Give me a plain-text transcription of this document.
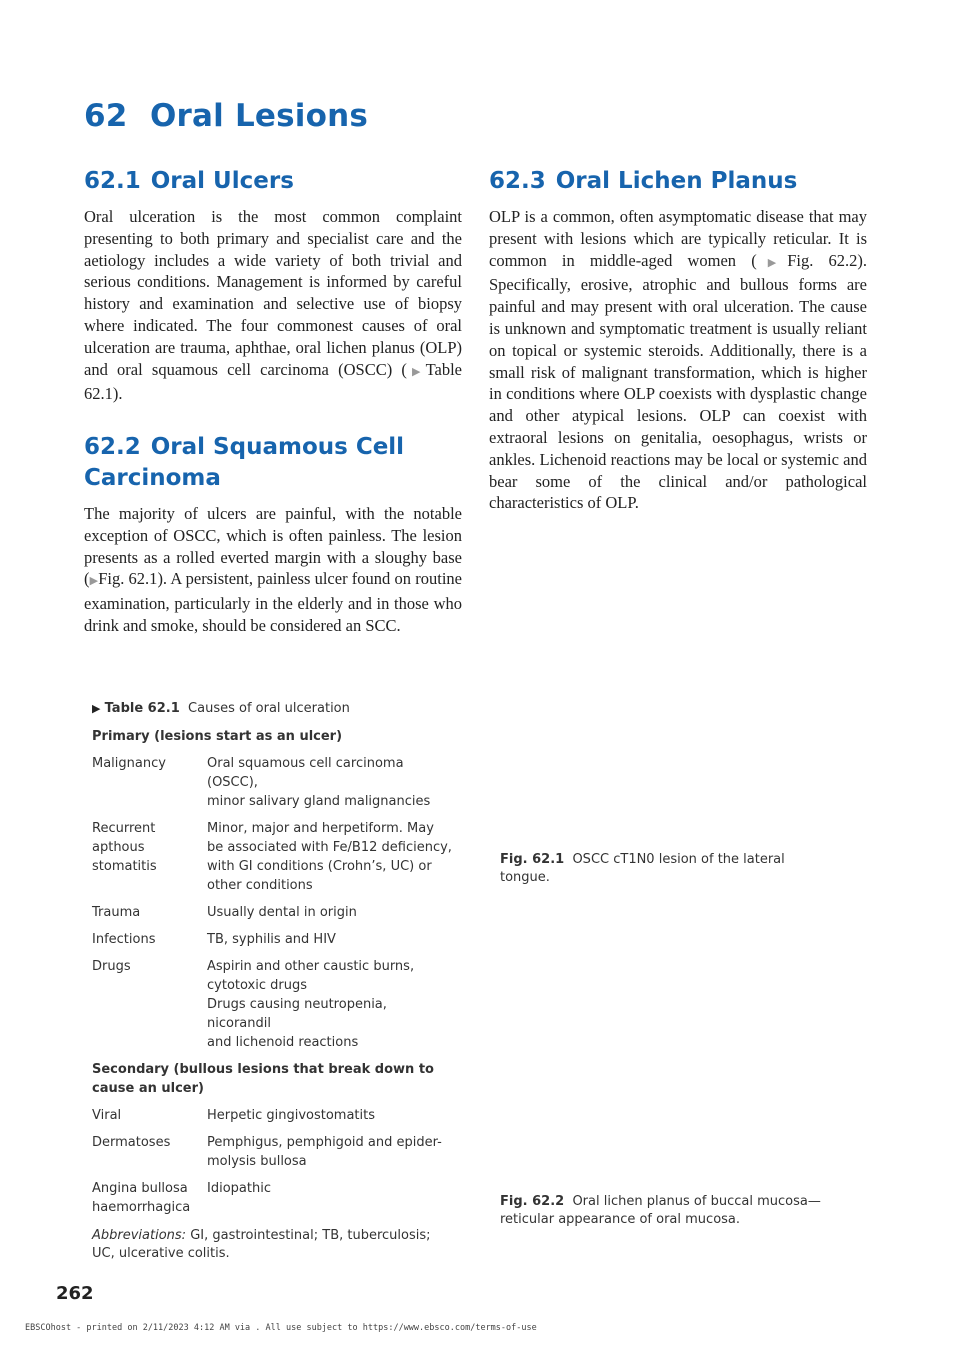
62 Oral Lesions
62.1 Oral Ulcers

Oral ulceration is the most common complaint presenting to both primary and specialist care and the aetiology includes a wide variety of both trivial and serious conditions. Management is informed by careful history and examination and selective use of biopsy where indicated. The four commonest causes of oral ulceration are trauma, aphthae, oral lichen planus (OLP) and oral squamous cell carcinoma (OSCC) (▶Table 62.1).

62.2 Oral Squamous Cell
Carcinoma

The majority of ulcers are painful, with the notable exception of OSCC, which is often painless. The lesion presents as a rolled everted margin with a sloughy base (▶Fig. 62.1). A persistent, painless ulcer found on routine examination, particularly in the elderly and in those who drink and smoke, should be considered an SCC.

62.3 Oral Lichen Planus

OLP is a common, often asymptomatic disease that may present with lesions which are typically reticular. It is common in middle-aged women (▶Fig. 62.2). Specifically, erosive, atrophic and bullous forms are painful and may present with oral ulceration. The cause is unknown and symptomatic treatment is usually reliant on topical or systemic steroids. Additionally, there is a small risk of malignant transformation, which is higher in conditions where OLP coexists with dysplastic change and other atypical lesions. OLP can coexist with extraoral lesions on genitalia, oesophagus, wrists or ankles. Lichenoid reactions may be local or systemic and bear some of the clinical and/or pathological characteristics of OLP.

▶ Table 62.1 Causes of oral ulceration
Primary (lesions start as an ulcer)	
Malignancy	Oral squamous cell carcinoma (OSCC),
minor salivary gland malignancies
Recurrent
apthous
stomatitis	Minor, major and herpetiform. May
be associated with Fe/B12 deficiency,
with GI conditions (Crohn’s, UC) or
other conditions
Trauma	Usually dental in origin
Infections	TB, syphilis and HIV
Drugs	Aspirin and other caustic burns,
cytotoxic drugs
Drugs causing neutropenia, nicorandil
and lichenoid reactions
Secondary (bullous lesions that break down to cause an ulcer)	
Viral	Herpetic gingivostomatits
Dermatoses	Pemphigus, pemphigoid and epider-
molysis bullosa
Angina bullosa
haemorrhagica	Idiopathic
Abbreviations: GI, gastrointestinal; TB, tuberculosis; UC, ulcerative colitis.
Fig. 62.1 OSCC cT1N0 lesion of the lateral tongue.
Fig. 62.2 Oral lichen planus of buccal mucosa—reticular appearance of oral mucosa.
262
EBSCOhost - printed on 2/11/2023 4:12 AM via . All use subject to https://www.ebsco.com/terms-of-use
